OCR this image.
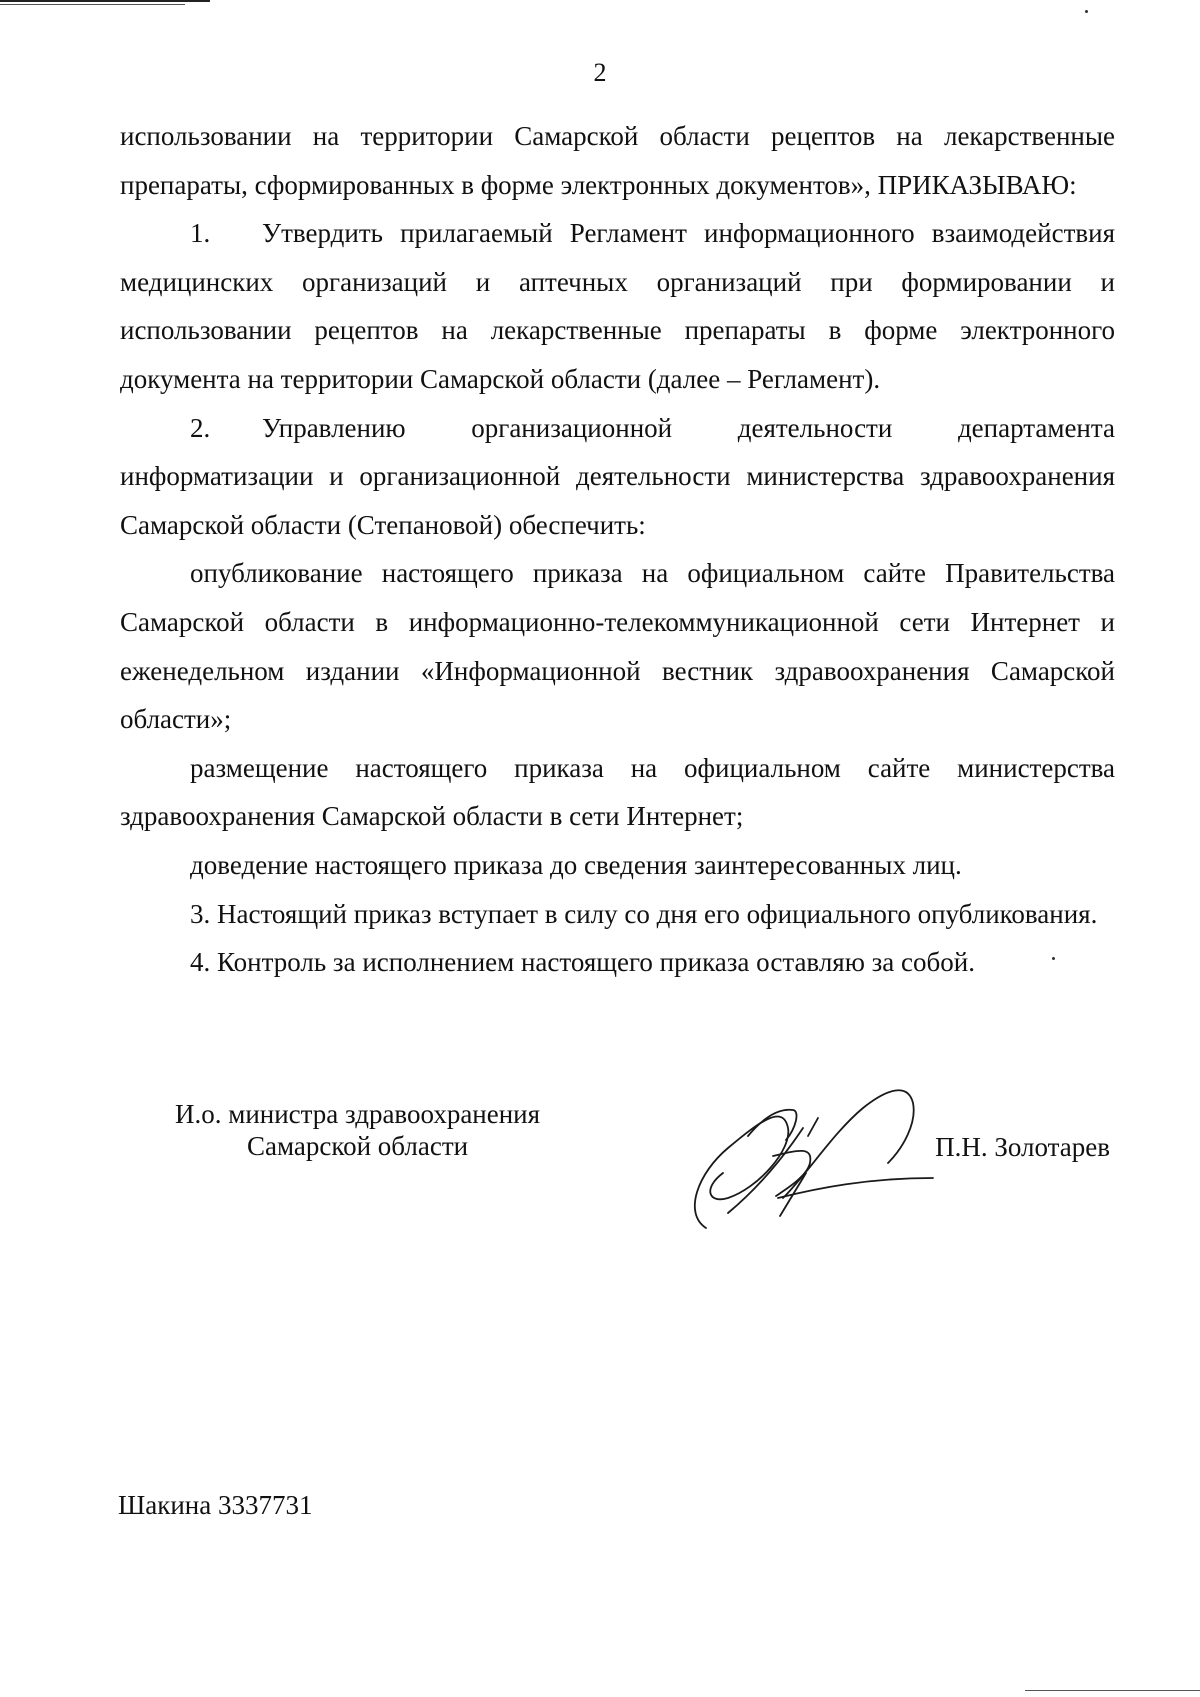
2

использовании на территории Самарской области рецептов на лекарственные препараты, сформированных в форме электронных документов», ПРИКАЗЫВАЮ:

1. Утвердить прилагаемый Регламент информационного взаимодействия медицинских организаций и аптечных организаций при формировании и использовании рецептов на лекарственные препараты в форме электронного документа на территории Самарской области (далее – Регламент).

2. Управлению организационной деятельности департамента информатизации и организационной деятельности министерства здравоохранения Самарской области (Степановой) обеспечить:

опубликование настоящего приказа на официальном сайте Правительства Самарской области в информационно-телекоммуникационной сети Интернет и еженедельном издании «Информационной вестник здравоохранения Самарской области»;

размещение настоящего приказа на официальном сайте министерства здравоохранения Самарской области в сети Интернет;

доведение настоящего приказа до сведения заинтересованных лиц.

3. Настоящий приказ вступает в силу со дня его официального опубликования.

4. Контроль за исполнением настоящего приказа оставляю за собой.

И.о. министра здравоохранения
Самарской области	П.Н. Золотарев
Шакина 3337731
